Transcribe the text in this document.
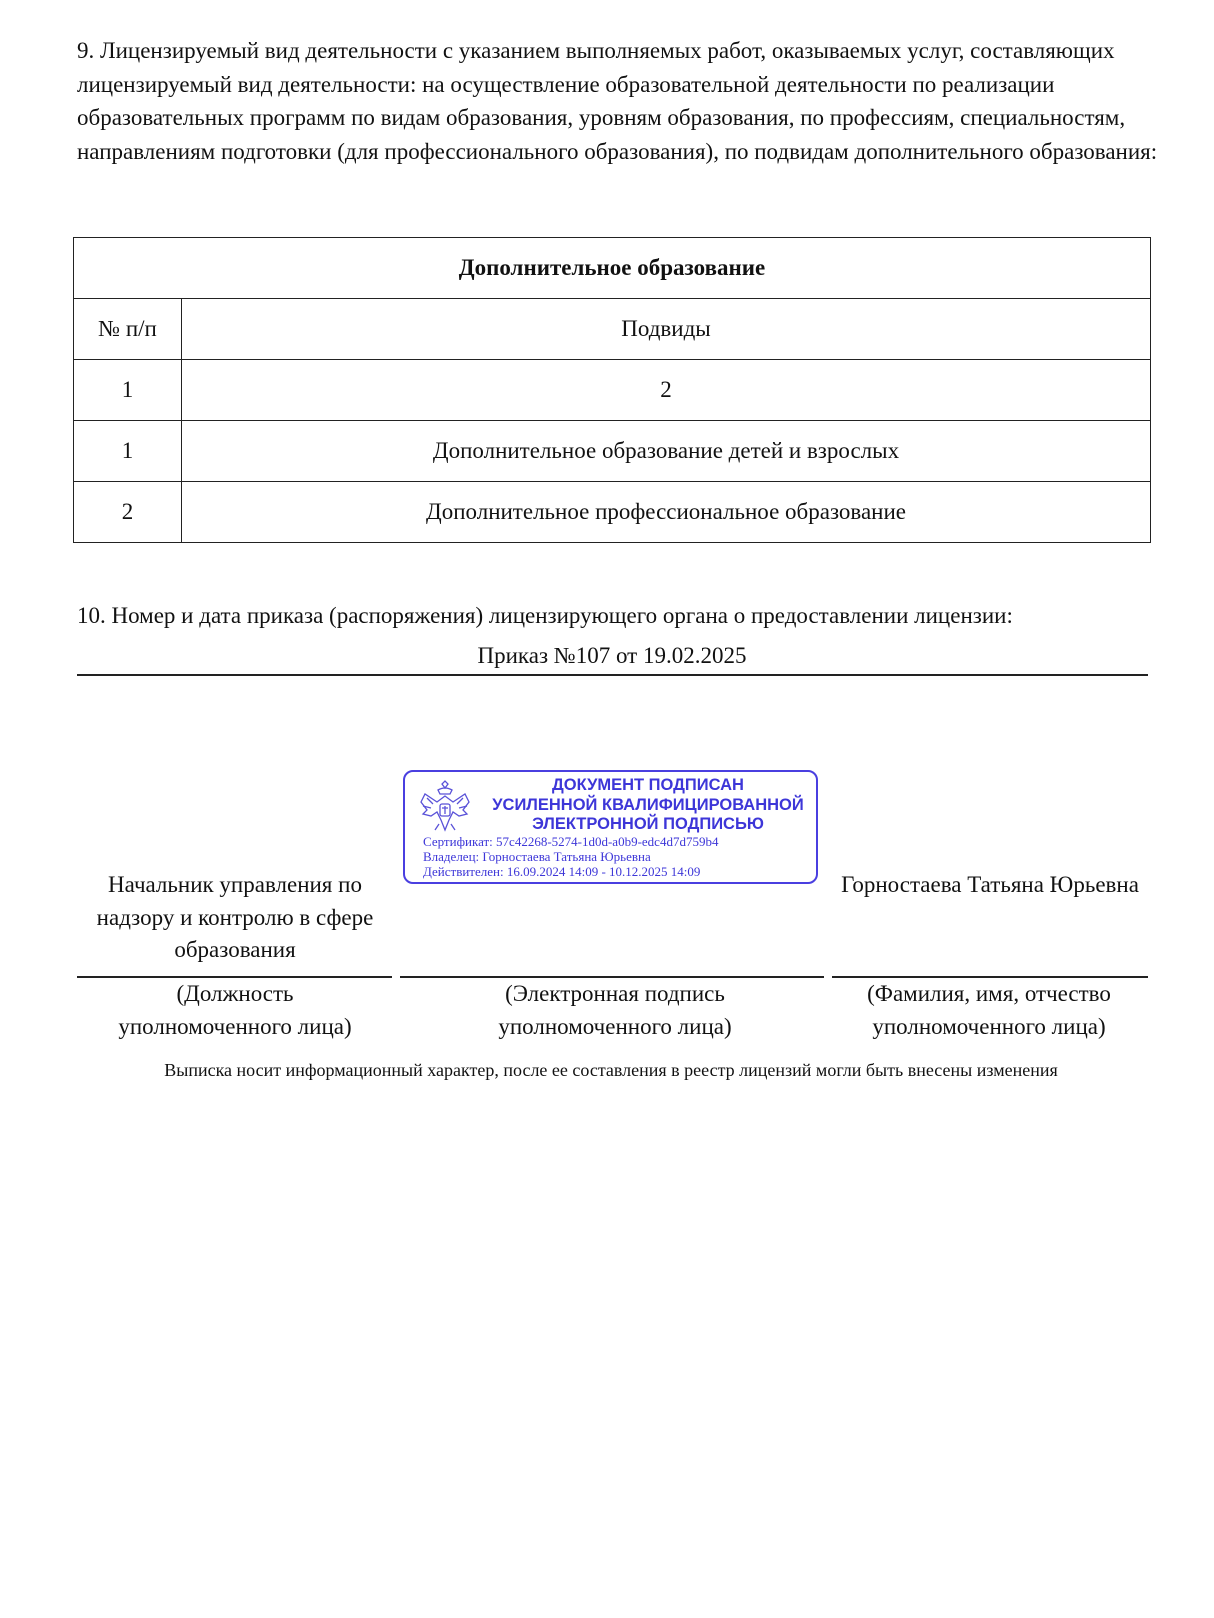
9. Лицензируемый вид деятельности с указанием выполняемых работ, оказываемых услуг, составляющих лицензируемый вид деятельности: на осуществление образовательной деятельности по реализации образовательных программ по видам образования, уровням образования, по профессиям, специальностям, направлениям подготовки (для профессионального образования), по подвидам дополнительного образования:

Дополнительное образование	
№ п/п	Подвиды
1	2
1	Дополнительное образование детей и взрослых
2	Дополнительное профессиональное образование

10. Номер и дата приказа (распоряжения) лицензирующего органа о предоставлении лицензии:

Приказ №107 от 19.02.2025
ДОКУМЕНТ ПОДПИСАН
УСИЛЕННОЙ КВАЛИФИЦИРОВАННОЙ
ЭЛЕКТРОННОЙ ПОДПИСЬЮ
Сертификат: 57c42268-5274-1d0d-a0b9-edc4d7d759b4
Владелец: Горностаева Татьяна Юрьевна
Действителен: 16.09.2024 14:09 - 10.12.2025 14:09
Начальник управления по надзору и контролю в сфере образования
Горностаева Татьяна Юрьевна
(Должность уполномоченного лица)
(Электронная подпись уполномоченного лица)
(Фамилия, имя, отчество уполномоченного лица)
Выписка носит информационный характер, после ее составления в реестр лицензий могли быть внесены изменения
